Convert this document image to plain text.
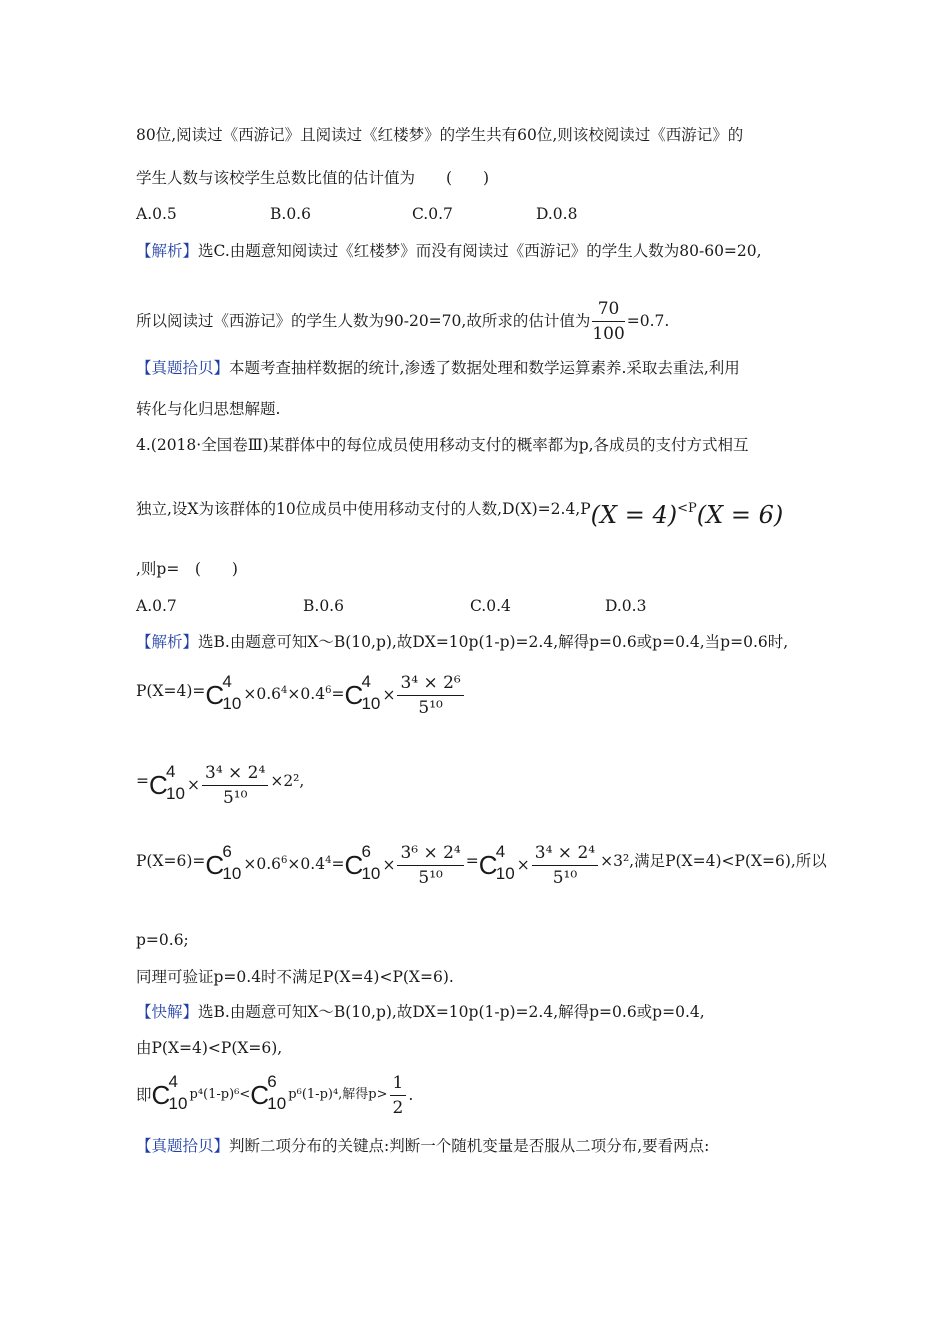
80位,阅读过《西游记》且阅读过《红楼梦》的学生共有60位,则该校阅读过《西游记》的
学生人数与该校学生总数比值的估计值为　　(　　)
A.0.5	B.0.6	C.0.7	D.0.8
【解析】选C.由题意知阅读过《红楼梦》而没有阅读过《西游记》的学生人数为80-60=20,
所以阅读过《西游记》的学生人数为90-20=70,故所求的估计值为 $\frac{70}{100} =0.7$.
【真题拾贝】本题考查抽样数据的统计,渗透了数据处理和数学运算素养.采取去重法,利用
转化与化归思想解题.
4.(2018·全国卷Ⅲ)某群体中的每位成员使用移动支付的概率都为p,各成员的支付方式相互
独立,设X为该群体的10位成员中使用移动支付的人数,D(X)=2.4,P (X = 4) <P (X = 6)
,则p=　(　　)
A.0.7	B.0.6	C.0.4	D.0.3
【解析】选B.由题意可知X～B(10,p),故DX=10p(1-p)=2.4,解得p=0.6或p=0.4,当p=0.6时,
P(X=4)= C
4
$10 \times 0.6^4\times 0.4^6= C$
4
$10 \times \frac{\text{3⁴ × 2⁶}}{\text{5¹⁰}}$
= C
4
$10 \times \frac{\text{3⁴ × 2⁴}}{\text{5¹⁰}} \times 2^2$,
P(X=6)= C
6
$10 \times 0.6^6\times 0.4^4= C$
6
$10 \times \frac{\text{3⁶ × 2⁴}}{\text{5¹⁰}} = C$
4
$10 \times \frac{\text{3⁴ × 2⁴}}{\text{5¹⁰}} \times 3^2$,满足P(X=4)<P(X=6),所以
p=0.6;
同理可验证p=0.4时不满足P(X=4)<P(X=6).
【快解】选B.由题意可知X～B(10,p),故DX=10p(1-p)=2.4,解得p=0.6或p=0.4,
由P(X=4)<P(X=6),
即 C
4
10 p⁴(1-p)⁶< C
6
10 p⁶(1-p)⁴,解得$p> \frac{1}{2}$ .
【真题拾贝】判断二项分布的关键点:判断一个随机变量是否服从二项分布,要看两点:
